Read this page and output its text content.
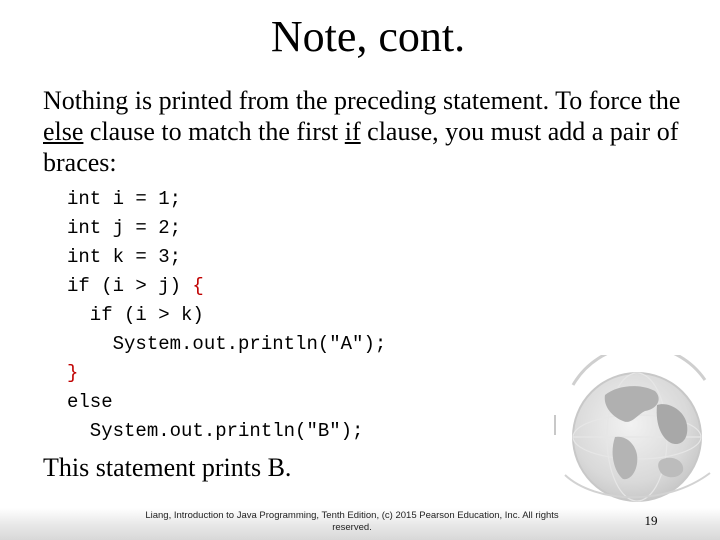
Note, cont.
Nothing is printed from the preceding statement. To force the else clause to match the first if clause, you must add a pair of braces:
int i = 1;
int j = 2;
int k = 3;
if (i > j) {
if (i > k)
System.out.println("A");
}
else
System.out.println("B");
This statement prints B.
Liang, Introduction to Java Programming, Tenth Edition, (c) 2015 Pearson Education, Inc. All rights reserved.	19
